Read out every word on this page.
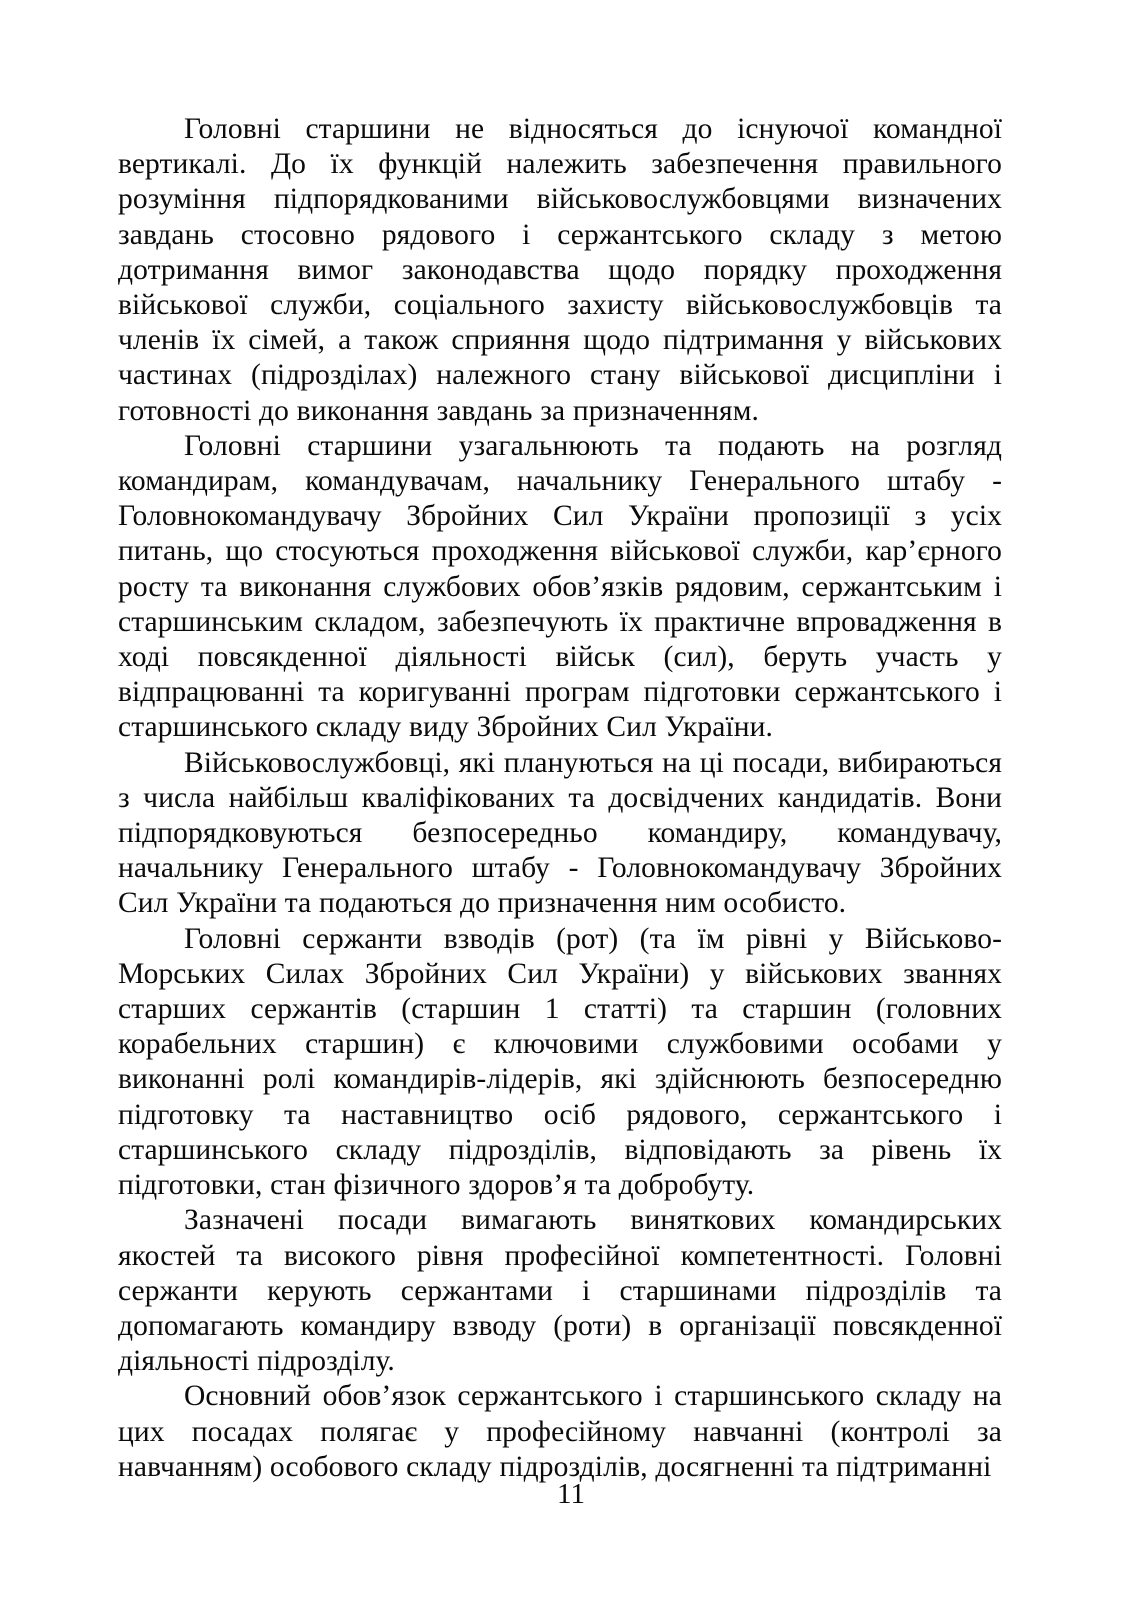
Головні старшини не відносяться до існуючої командної вертикалі. До їх функцій належить забезпечення правильного розуміння підпорядкованими військовослужбовцями визначених завдань стосовно рядового і сержантського складу з метою дотримання вимог законодавства щодо порядку проходження військової служби, соціального захисту військовослужбовців та членів їх сімей, а також сприяння щодо підтримання у військових частинах (підрозділах) належного стану військової дисципліни і готовності до виконання завдань за призначенням.

Головні старшини узагальнюють та подають на розгляд командирам, командувачам, начальнику Генерального штабу - Головнокомандувачу Збройних Сил України пропозиції з усіх питань, що стосуються проходження військової служби, кар’єрного росту та виконання службових обов’язків рядовим, сержантським і старшинським складом, забезпечують їх практичне впровадження в ході повсякденної діяльності військ (сил), беруть участь у відпрацюванні та коригуванні програм підготовки сержантського і старшинського складу виду Збройних Сил України.

Військовослужбовці, які плануються на ці посади, вибираються з числа найбільш кваліфікованих та досвідчених кандидатів. Вони підпорядковуються безпосередньо командиру, командувачу, начальнику Генерального штабу - Головнокомандувачу Збройних Сил України та подаються до призначення ним особисто.

Головні сержанти взводів (рот) (та їм рівні у Військово-Морських Силах Збройних Сил України) у військових званнях старших сержантів (старшин 1 статті) та старшин (головних корабельних старшин) є ключовими службовими особами у виконанні ролі командирів-лідерів, які здійснюють безпосередню підготовку та наставництво осіб рядового, сержантського і старшинського складу підрозділів, відповідають за рівень їх підготовки, стан фізичного здоров’я та добробуту.

Зазначені посади вимагають виняткових командирських якостей та високого рівня професійної компетентності. Головні сержанти керують сержантами і старшинами підрозділів та допомагають командиру взводу (роти) в організації повсякденної діяльності підрозділу.

Основний обов’язок сержантського і старшинського складу на цих посадах полягає у професійному навчанні (контролі за навчанням) особового складу підрозділів, досягненні та підтриманні

11
